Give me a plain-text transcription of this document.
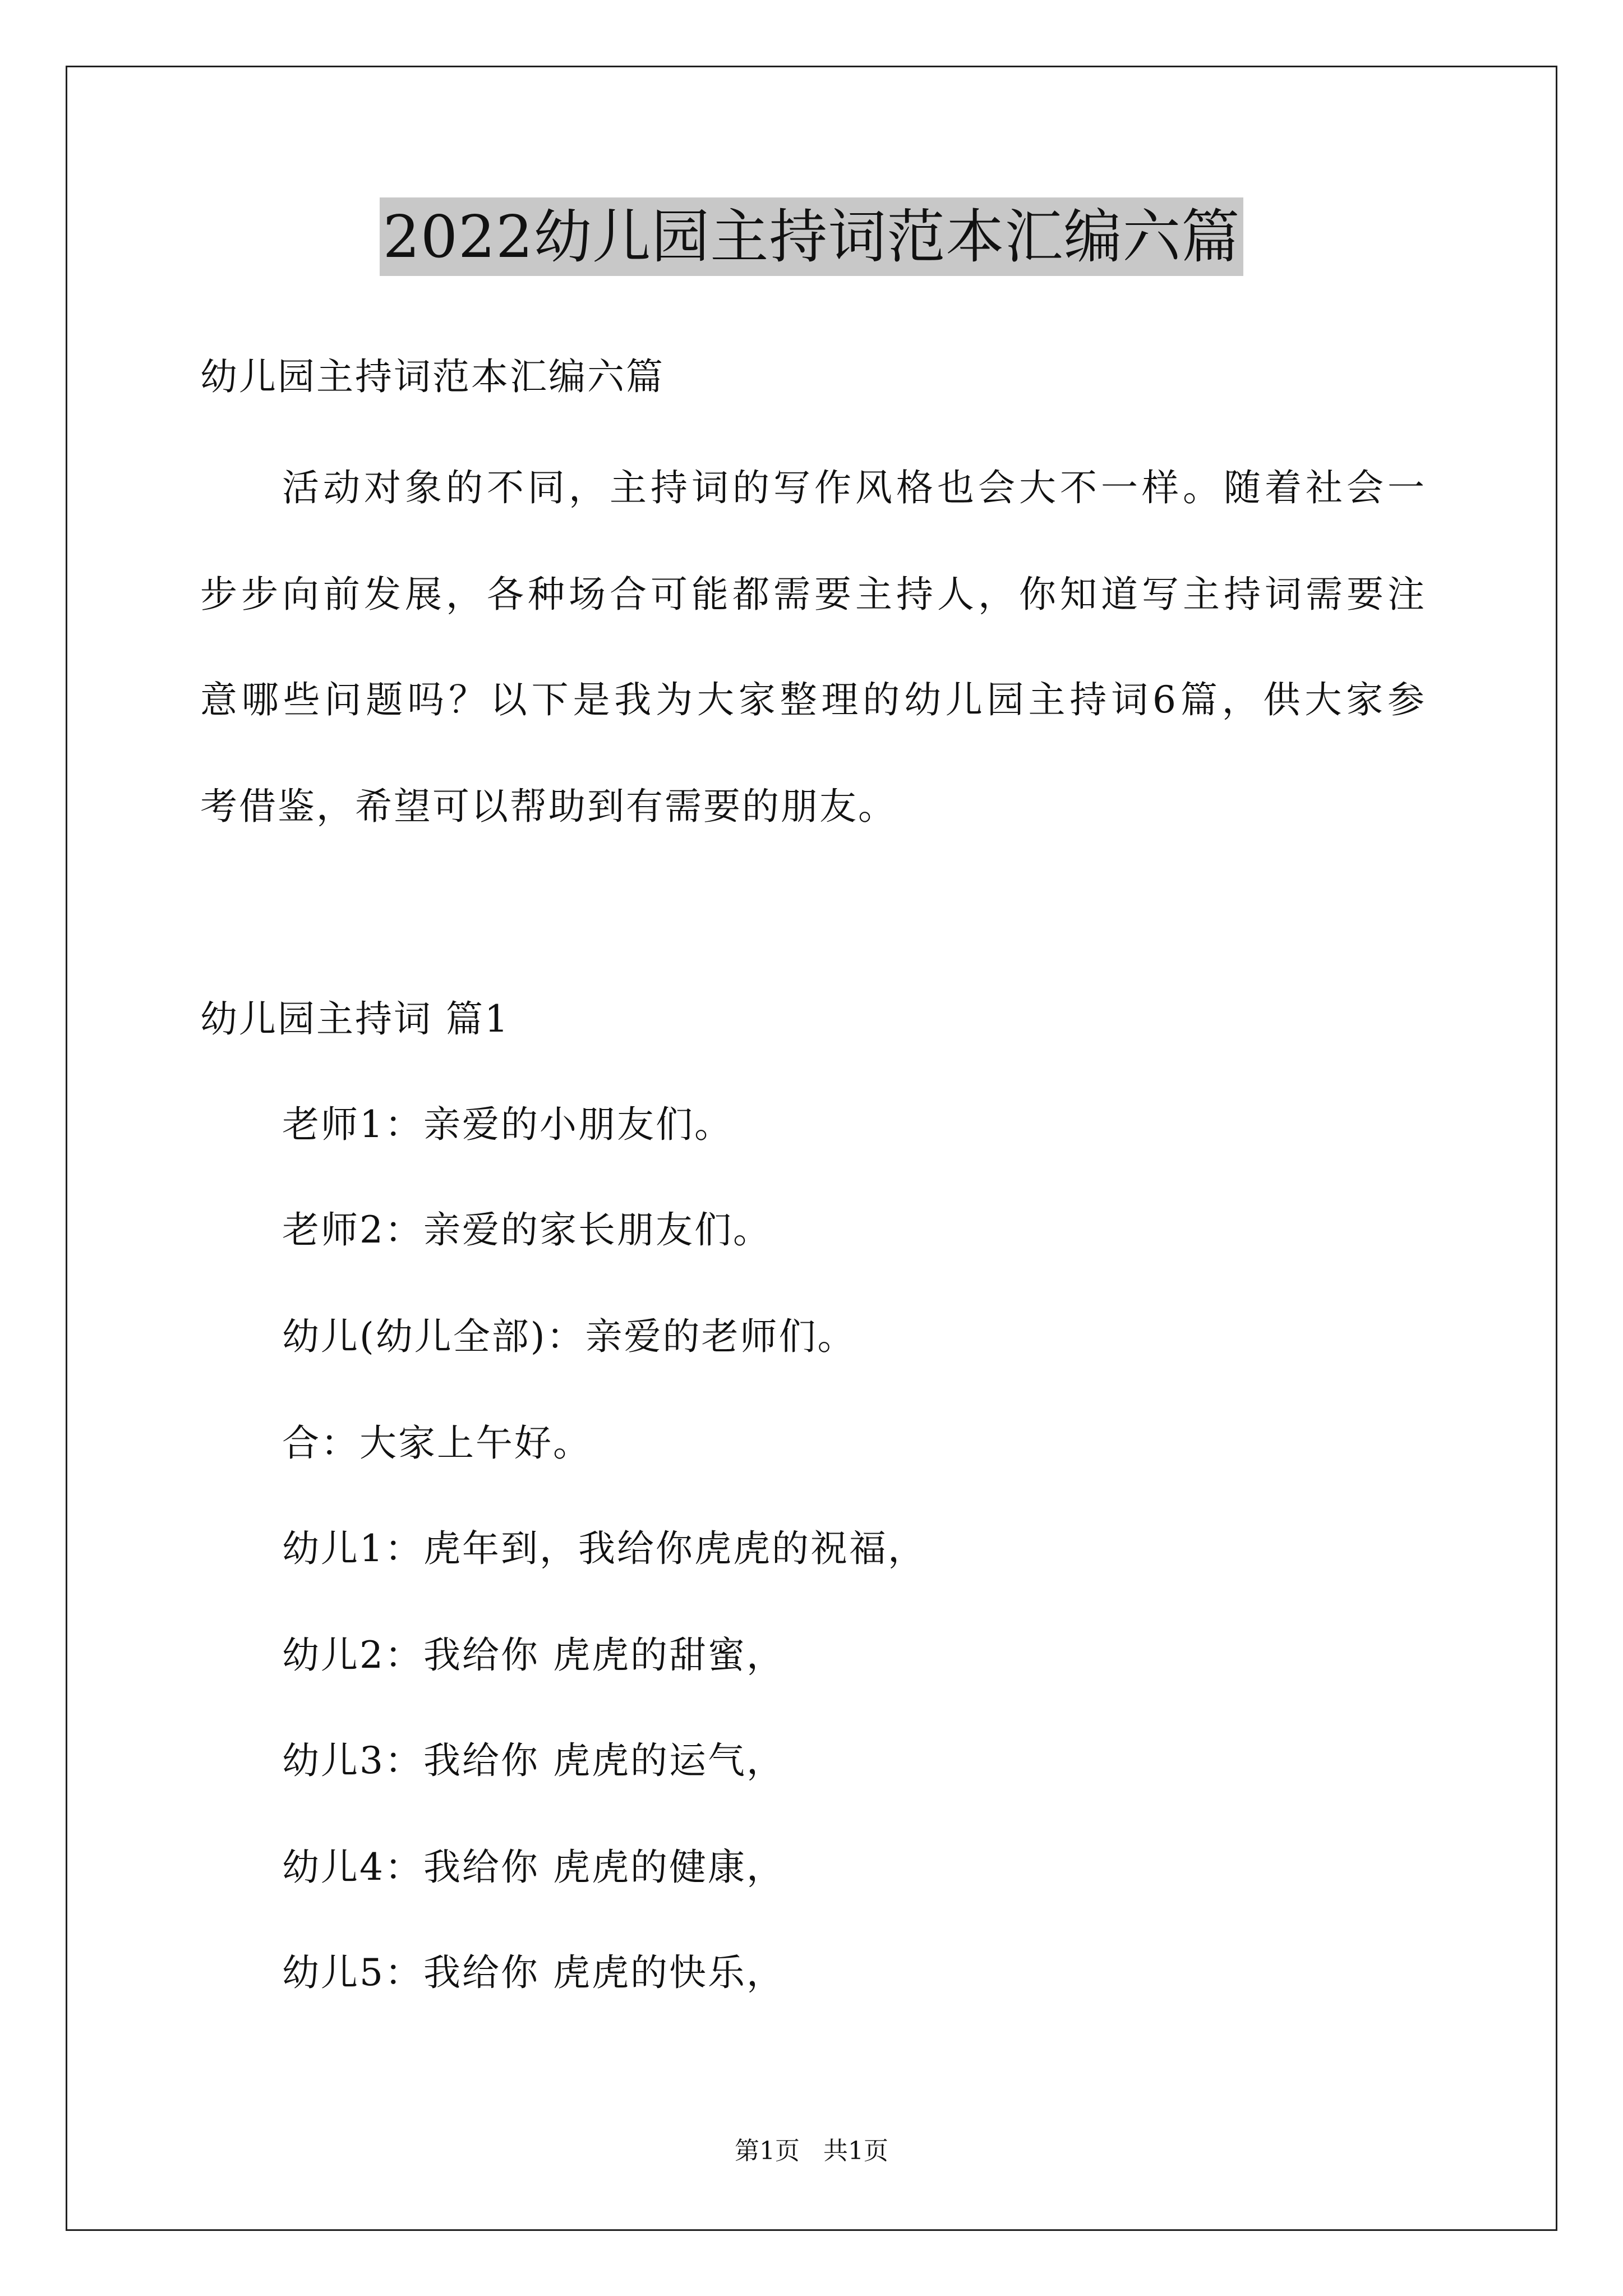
2022幼儿园主持词范本汇编六篇
幼儿园主持词范本汇编六篇
活动对象的不同，主持词的写作风格也会大不一样。随着社会一
步步向前发展，各种场合可能都需要主持人，你知道写主持词需要注
意哪些问题吗？以下是我为大家整理的幼儿园主持词6篇，供大家参
考借鉴，希望可以帮助到有需要的朋友。
幼儿园主持词 篇1
老师1：亲爱的小朋友们。
老师2：亲爱的家长朋友们。
幼儿(幼儿全部)：亲爱的老师们。
合：大家上午好。
幼儿1：虎年到，我给你虎虎的祝福，
幼儿2：我给你 虎虎的甜蜜，
幼儿3：我给你 虎虎的运气，
幼儿4：我给你 虎虎的健康，
幼儿5：我给你 虎虎的快乐，
第1页   共1页
